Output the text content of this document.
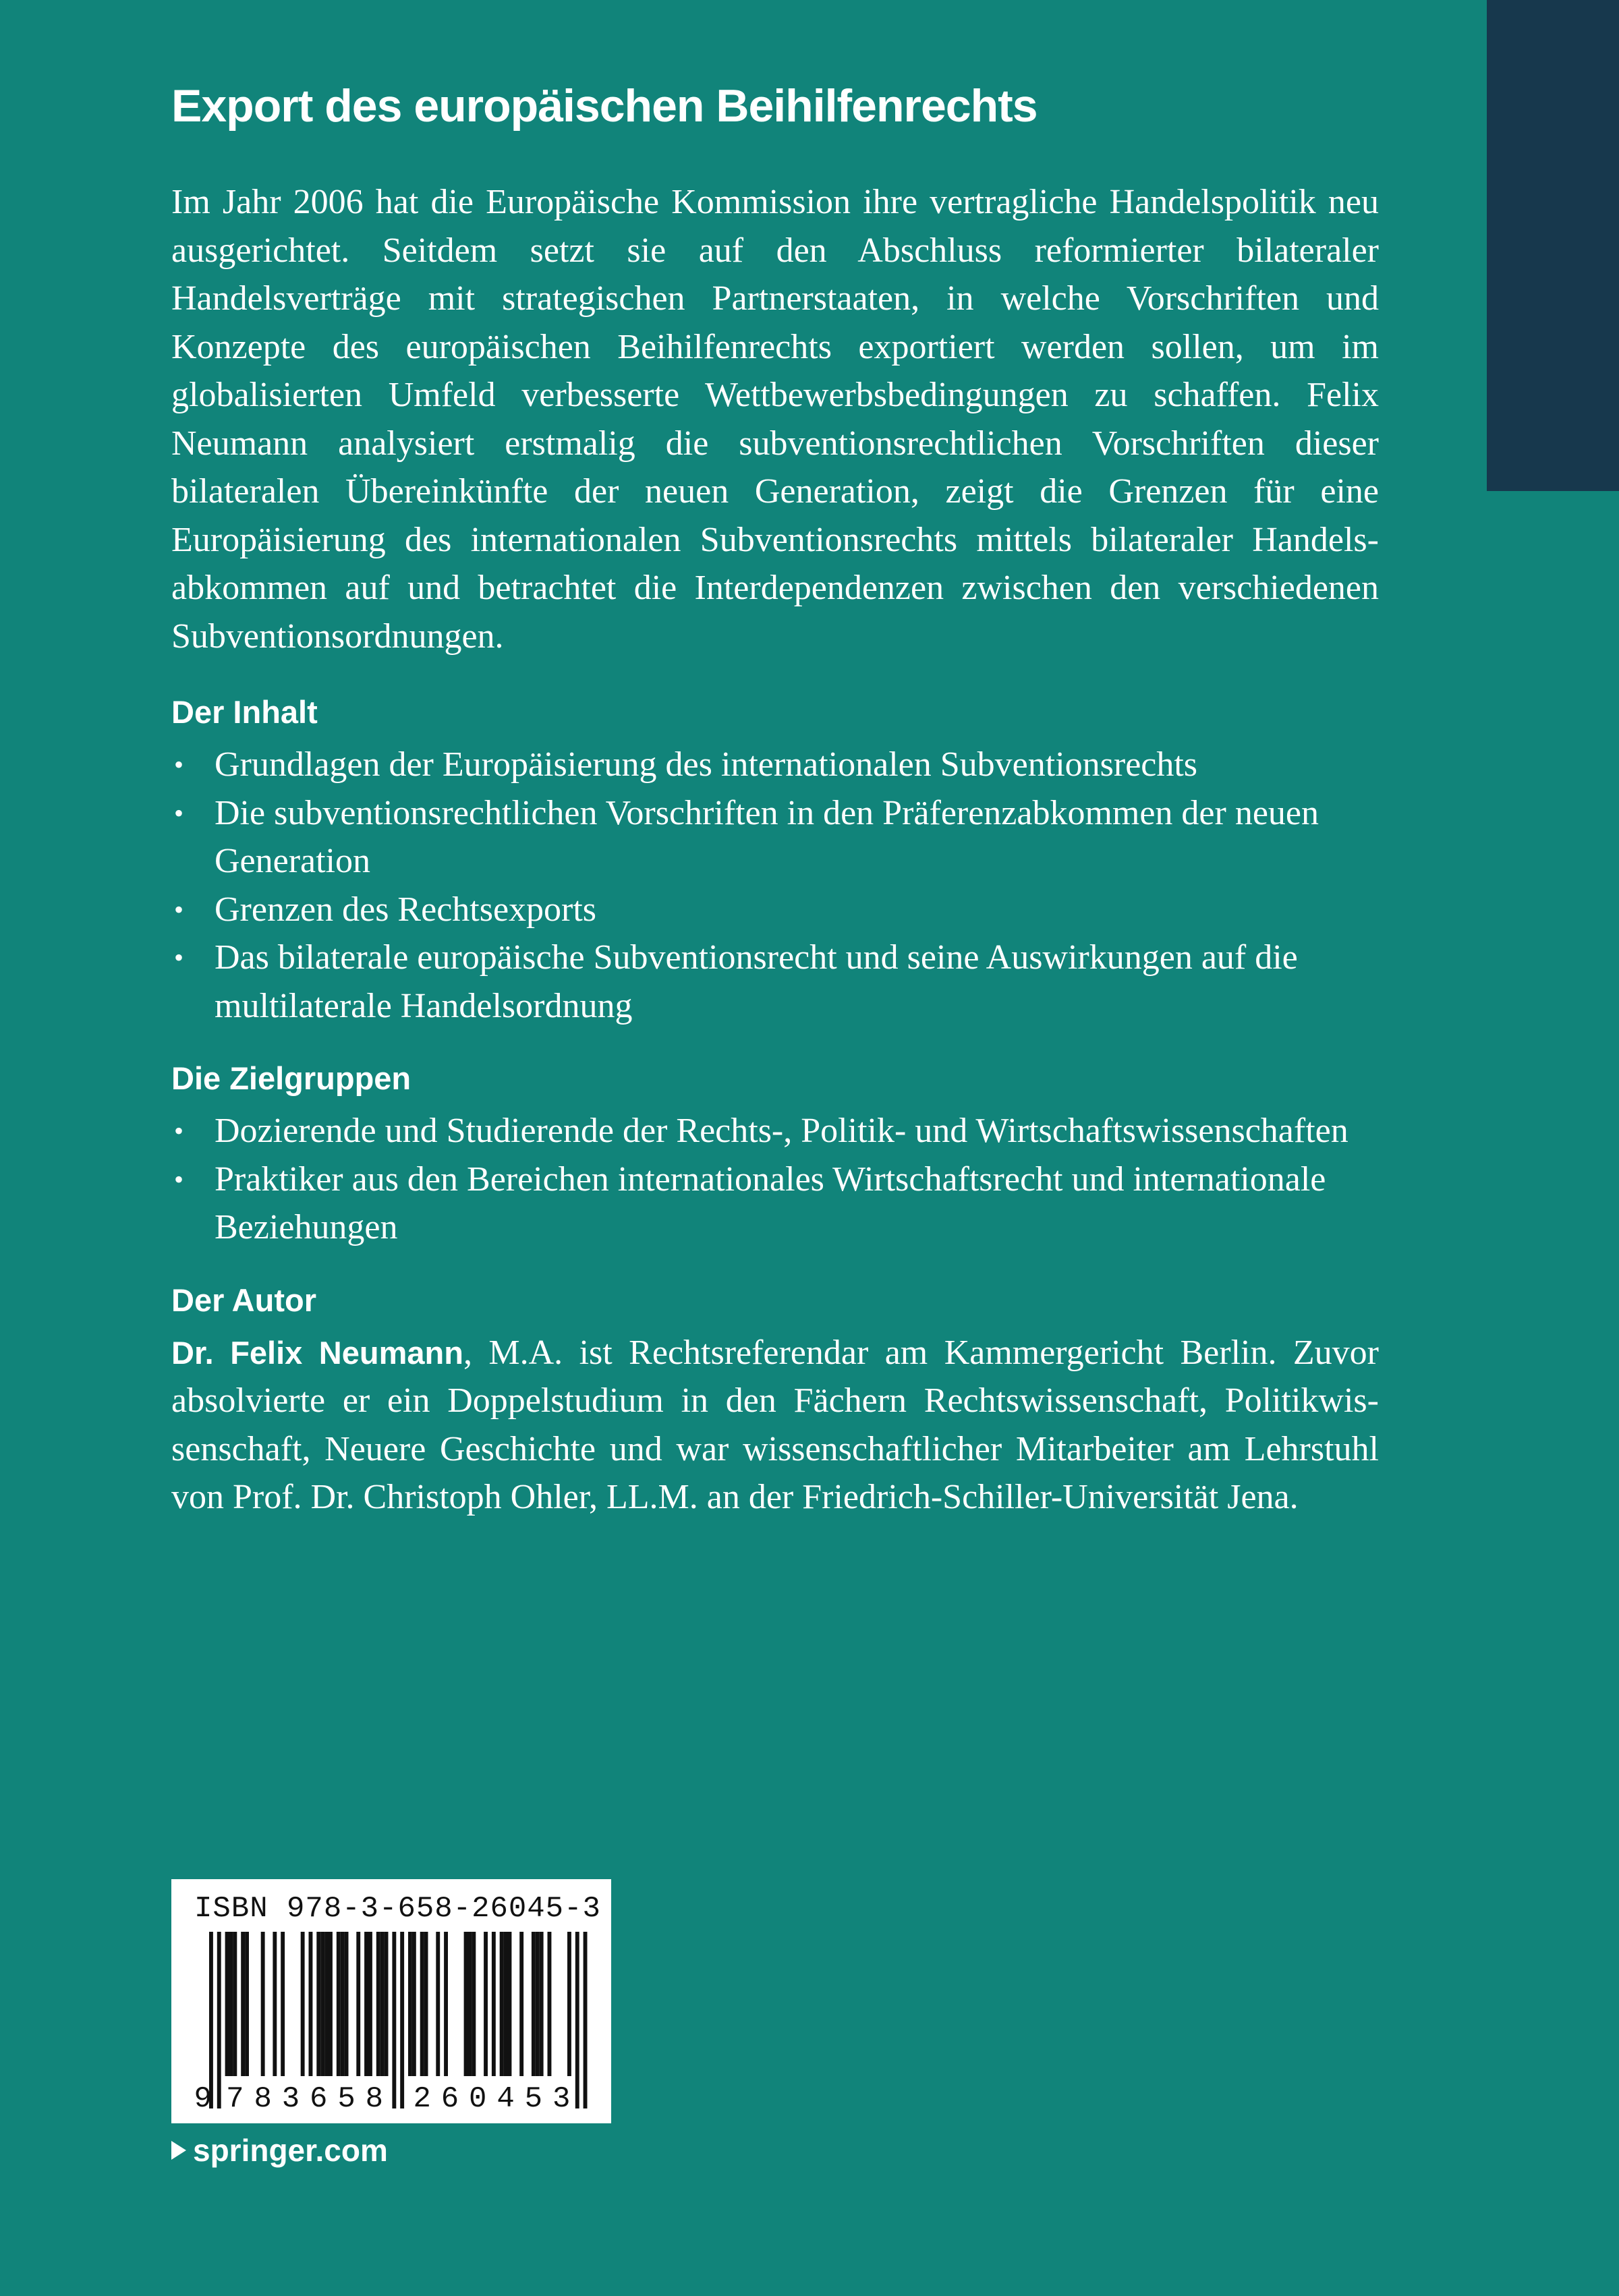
Export des europäischen Beihilfenrechts

Im Jahr 2006 hat die Europäische Kommission ihre vertragliche Handelspolitik neu ausgerichtet. Seitdem setzt sie auf den Abschluss reformierter bilateraler Handelsverträge mit strategischen Partnerstaaten, in welche Vorschriften und Konzepte des europäischen Beihilfenrechts exportiert werden sollen, um im globalisierten Umfeld verbesserte Wettbewerbsbedingungen zu schaffen. Felix Neumann analysiert erstmalig die subventionsrechtlichen Vorschriften dieser bilateralen Übereinkünfte der neuen Generation, zeigt die Grenzen für eine Europäisierung des internationalen Subventionsrechts mittels bilateraler Handelsabkommen auf und betrachtet die Interdependenzen zwischen den verschiedenen Subventionsordnungen.

Der Inhalt
• Grundlagen der Europäisierung des internationalen Subventionsrechts
• Die subventionsrechtlichen Vorschriften in den Präferenzabkommen der neuen Generation
• Grenzen des Rechtsexports
• Das bilaterale europäische Subventionsrecht und seine Auswirkungen auf die multilaterale Handelsordnung
Die Zielgruppen
• Dozierende und Studierende der Rechts-, Politik- und Wirtschaftswissenschaften
• Praktiker aus den Bereichen internationales Wirtschaftsrecht und internationale Beziehungen
Der Autor

Dr. Felix Neumann, M.A. ist Rechtsreferendar am Kammergericht Berlin. Zuvor absolvierte er ein Doppelstudium in den Fächern Rechtswissenschaft, Politikwissenschaft, Neuere Geschichte und war wissenschaftlicher Mitarbeiter am Lehrstuhl von Prof. Dr. Christoph Ohler, LL.M. an der Friedrich-Schiller-Universität Jena.

ISBN 978-3-658-26045-3
9 7 8 3 6 5 8 2 6 0 4 5 3
springer.com
